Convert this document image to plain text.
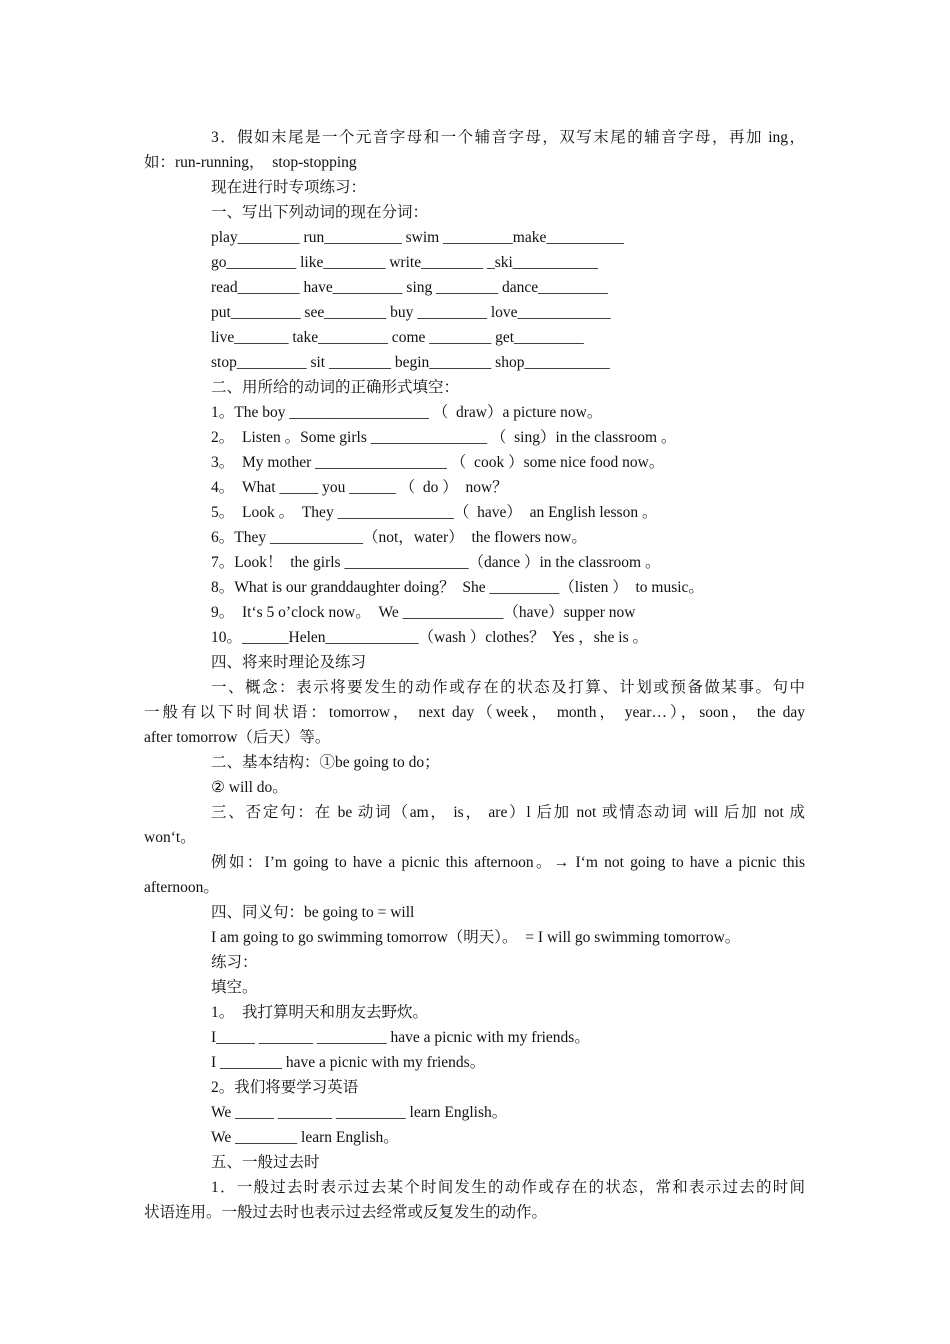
3．假如末尾是一个元音字母和一个辅音字母，双写末尾的辅音字母，再加 ing，
如：run-running，  stop-stopping
现在进行时专项练习：
一、写出下列动词的现在分词：
play________ run__________ swim _________make__________
go_________ like________ write________ _ski___________
read________ have_________ sing ________ dance_________
put_________ see________ buy _________ love____________
live_______ take_________ come ________ get_________
stop_________ sit ________ begin________ shop___________
二、用所给的动词的正确形式填空：
1。The boy __________________ （  draw）a picture now。
2。  Listen 。Some girls _______________ （  sing）in the classroom 。
3。  My mother _________________ （  cook ）some nice food now。
4。  What _____ you ______ （  do ）  now？
5。  Look 。  They _______________（  have）  an English lesson 。
6。They ____________（not，water）  the flowers now。
7。Look！  the girls ________________（dance ）in the classroom 。
8。What is our granddaughter doing？  She _________（listen ）  to music。
9。  It‘s 5 o’clock now。  We _____________（have）supper now
10。______Helen____________（wash ）clothes？  Yes ，she is 。
四、将来时理论及练习
一、概念：表示将要发生的动作或存在的状态及打算、计划或预备做某事。句中
一般有以下时间状语：tomorrow， next day（week， month， year…），soon， the day
after tomorrow（后天）等。
二、基本结构：①be going to do；
② will do。
三、否定句：在 be 动词（am， is， are）l 后加 not 或情态动词 will 后加 not 成
won‘t。
例如：I’m going to have a picnic this afternoon。→ I‘m not going to have a picnic this
afternoon。
四、同义句：be going to = will
I am going to go swimming tomorrow（明天）。  = I will go swimming tomorrow。
练习：
填空。
1。  我打算明天和朋友去野炊。
I_____ _______ _________ have a picnic with my friends。
I ________ have a picnic with my friends。
2。我们将要学习英语
We _____ _______ _________ learn English。
We ________ learn English。
五、一般过去时
1．一般过去时表示过去某个时间发生的动作或存在的状态，常和表示过去的时间
状语连用。一般过去时也表示过去经常或反复发生的动作。
